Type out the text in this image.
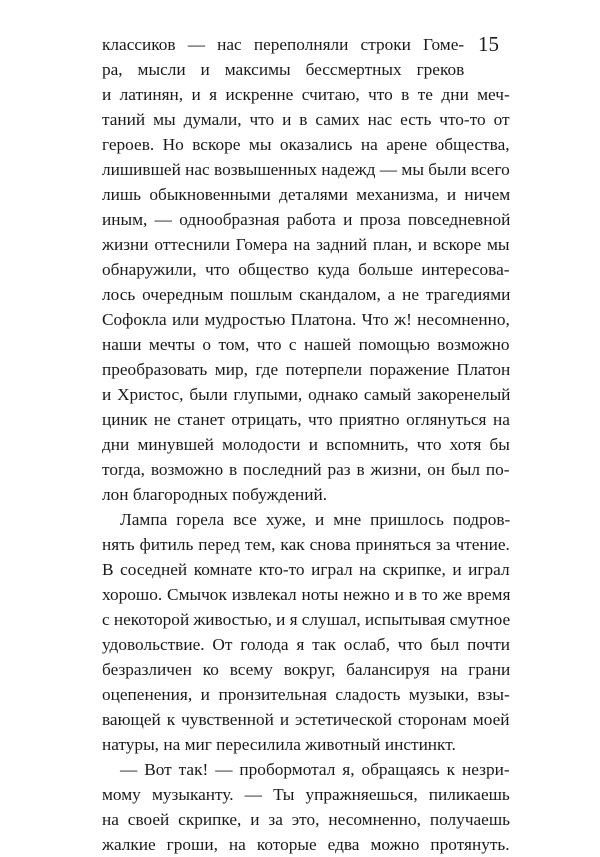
15
классиков — нас переполняли строки Гоме-
ра, мысли и максимы бессмертных греков
и латинян, и я искренне считаю, что в те дни меч-
таний мы думали, что и в самих нас есть что-то от
героев. Но вскоре мы оказались на арене общества,
лишившей нас возвышенных надежд — мы были всего
лишь обыкновенными деталями механизма, и ничем
иным, — однообразная работа и проза повседневной
жизни оттеснили Гомера на задний план, и вскоре мы
обнаружили, что общество куда больше интересова-
лось очередным пошлым скандалом, а не трагедиями
Софокла или мудростью Платона. Что ж! несомненно,
наши мечты о том, что с нашей помощью возможно
преобразовать мир, где потерпели поражение Платон
и Христос, были глупыми, однако самый закоренелый
циник не станет отрицать, что приятно оглянуться на
дни минувшей молодости и вспомнить, что хотя бы
тогда, возможно в последний раз в жизни, он был по-
лон благородных побуждений.
Лампа горела все хуже, и мне пришлось подров-
нять фитиль перед тем, как снова приняться за чтение.
В соседней комнате кто-то играл на скрипке, и играл
хорошо. Смычок извлекал ноты нежно и в то же время
с некоторой живостью, и я слушал, испытывая смутное
удовольствие. От голода я так ослаб, что был почти
безразличен ко всему вокруг, балансируя на грани
оцепенения, и пронзительная сладость музыки, взы-
вающей к чувственной и эстетической сторонам моей
натуры, на миг пересилила животный инстинкт.
— Вот так! — пробормотал я, обращаясь к незри-
мому музыканту. — Ты упражняешься, пиликаешь
на своей скрипке, и за это, несомненно, получаешь
жалкие гроши, на которые едва можно протянуть.
